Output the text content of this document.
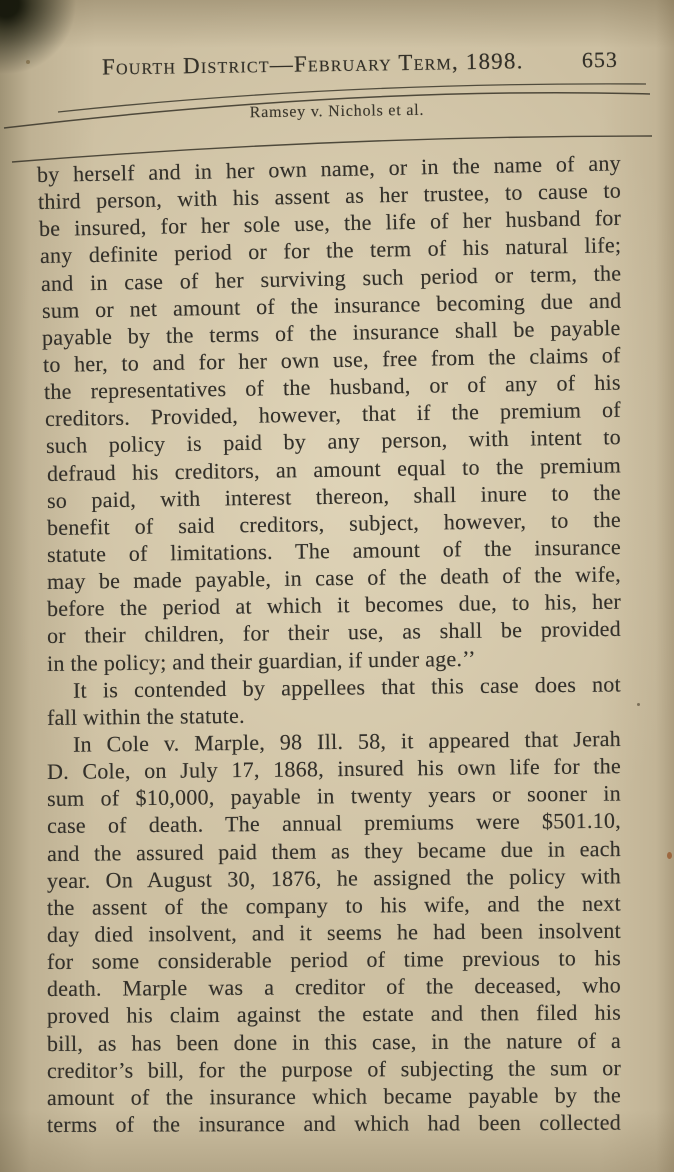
Fourth District—February Term, 1898.	653
Ramsey v. Nichols et al.
by herself and in her own name, or in the name of any
third person, with his assent as her trustee, to cause to
be insured, for her sole use, the life of her husband for
any definite period or for the term of his natural life;
and in case of her surviving such period or term, the
sum or net amount of the insurance becoming due and
payable by the terms of the insurance shall be payable
to her, to and for her own use, free from the claims of
the representatives of the husband, or of any of his
creditors. Provided, however, that if the premium of
such policy is paid by any person, with intent to
defraud his creditors, an amount equal to the premium
so paid, with interest thereon, shall inure to the
benefit of said creditors, subject, however, to the
statute of limitations. The amount of the insurance
may be made payable, in case of the death of the wife,
before the period at which it becomes due, to his, her
or their children, for their use, as shall be provided
in the policy; and their guardian, if under age.’’
It is contended by appellees that this case does not
fall within the statute.
In Cole v. Marple, 98 Ill. 58, it appeared that Jerah
D. Cole, on July 17, 1868, insured his own life for the
sum of $10,000, payable in twenty years or sooner in
case of death. The annual premiums were $501.10,
and the assured paid them as they became due in each
year. On August 30, 1876, he assigned the policy with
the assent of the company to his wife, and the next
day died insolvent, and it seems he had been insolvent
for some considerable period of time previous to his
death. Marple was a creditor of the deceased, who
proved his claim against the estate and then filed his
bill, as has been done in this case, in the nature of a
creditor’s bill, for the purpose of subjecting the sum or
amount of the insurance which became payable by the
terms of the insurance and which had been collected
